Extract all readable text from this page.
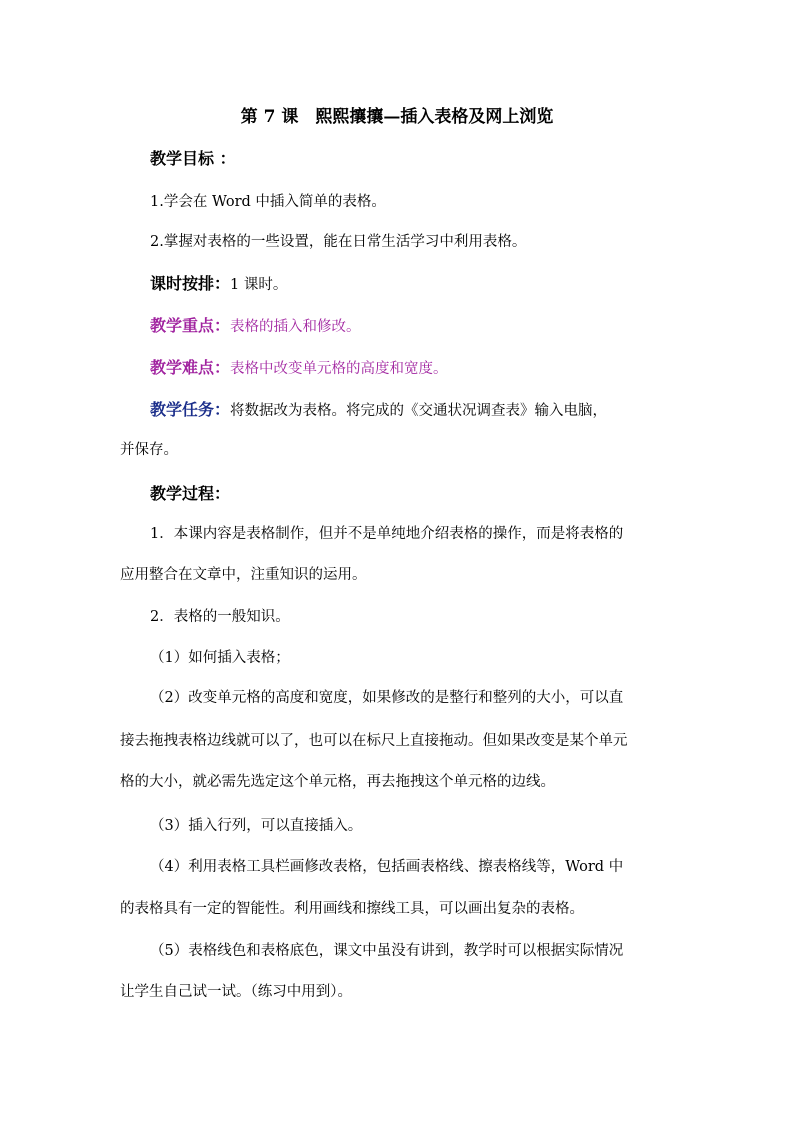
第 7 课　熙熙攘攘—插入表格及网上浏览
教学目标 ：
1.学会在 Word 中插入简单的表格。
2.掌握对表格的一些设置，能在日常生活学习中利用表格。
课时按排：1 课时。
教学重点：表格的插入和修改。
教学难点：表格中改变单元格的高度和宽度。
教学任务：将数据改为表格。将完成的《交通状况调查表》输入电脑，
并保存。
教学过程：
1．本课内容是表格制作，但并不是单纯地介绍表格的操作，而是将表格的
应用整合在文章中，注重知识的运用。
2．表格的一般知识。
（1）如何插入表格；
（2）改变单元格的高度和宽度，如果修改的是整行和整列的大小，可以直
接去拖拽表格边线就可以了，也可以在标尺上直接拖动。但如果改变是某个单元
格的大小，就必需先选定这个单元格，再去拖拽这个单元格的边线。
（3）插入行列，可以直接插入。
（4）利用表格工具栏画修改表格，包括画表格线、擦表格线等，Word 中
的表格具有一定的智能性。利用画线和擦线工具，可以画出复杂的表格。
（5）表格线色和表格底色，课文中虽没有讲到，教学时可以根据实际情况
让学生自己试一试。（练习中用到）。
